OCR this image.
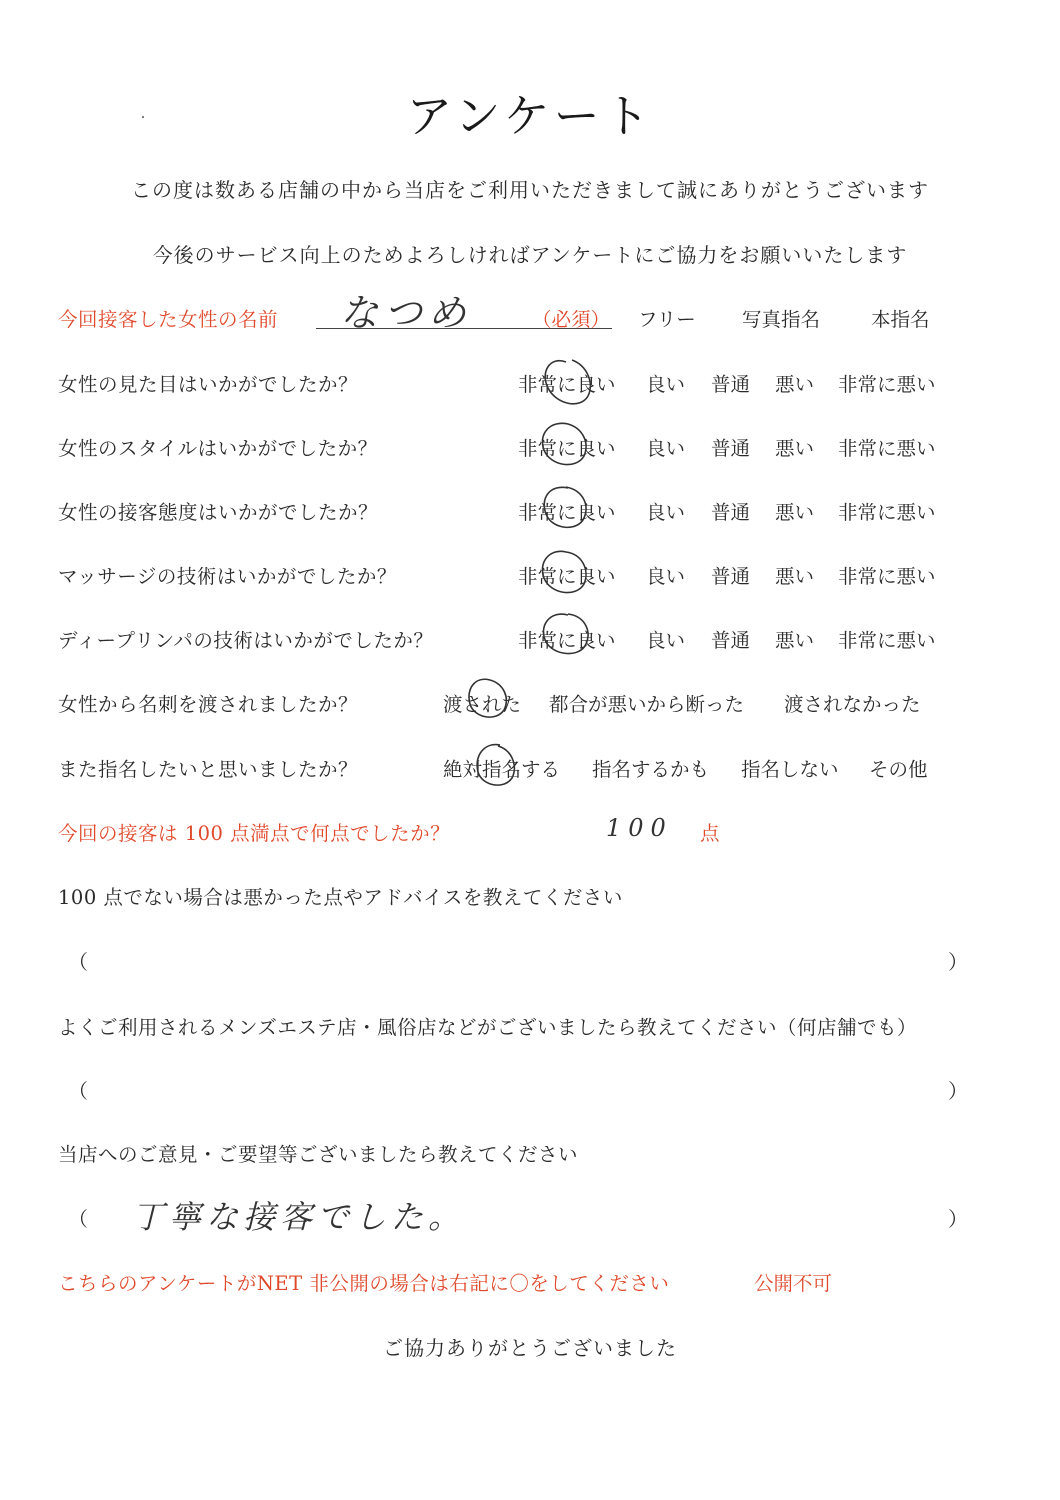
アンケート
この度は数ある店舗の中から当店をご利用いただきまして誠にありがとうございます
今後のサービス向上のためよろしければアンケートにご協力をお願いいたします
今回接客した女性の名前 なつめ	（必須） フリー 写真指名	本指名
女性の見た目はいかがでしたか？	非常に良い 良い 普通 悪い 非常に悪い
女性のスタイルはいかがでしたか？	非常に良い 良い 普通 悪い 非常に悪い
女性の接客態度はいかがでしたか？	非常に良い 良い 普通 悪い 非常に悪い
マッサージの技術はいかがでしたか？	非常に良い 良い 普通 悪い 非常に悪い
ディープリンパの技術はいかがでしたか？	非常に良い 良い 普通 悪い 非常に悪い
女性から名刺を渡されましたか？	渡された 都合が悪いから断った 渡されなかった
また指名したいと思いましたか？	絶対指名する 指名するかも 指名しない その他
今回の接客は 100 点満点で何点でしたか？	100 点
100 点でない場合は悪かった点やアドバイスを教えてください
（	）
よくご利用されるメンズエステ店・風俗店などがございましたら教えてください（何店舗でも）
（	）
当店へのご意見・ご要望等ございましたら教えてください
（ 丁寧な接客でした。	）
こちらのアンケートがNET 非公開の場合は右記に〇をしてください	公開不可
ご協力ありがとうございました
